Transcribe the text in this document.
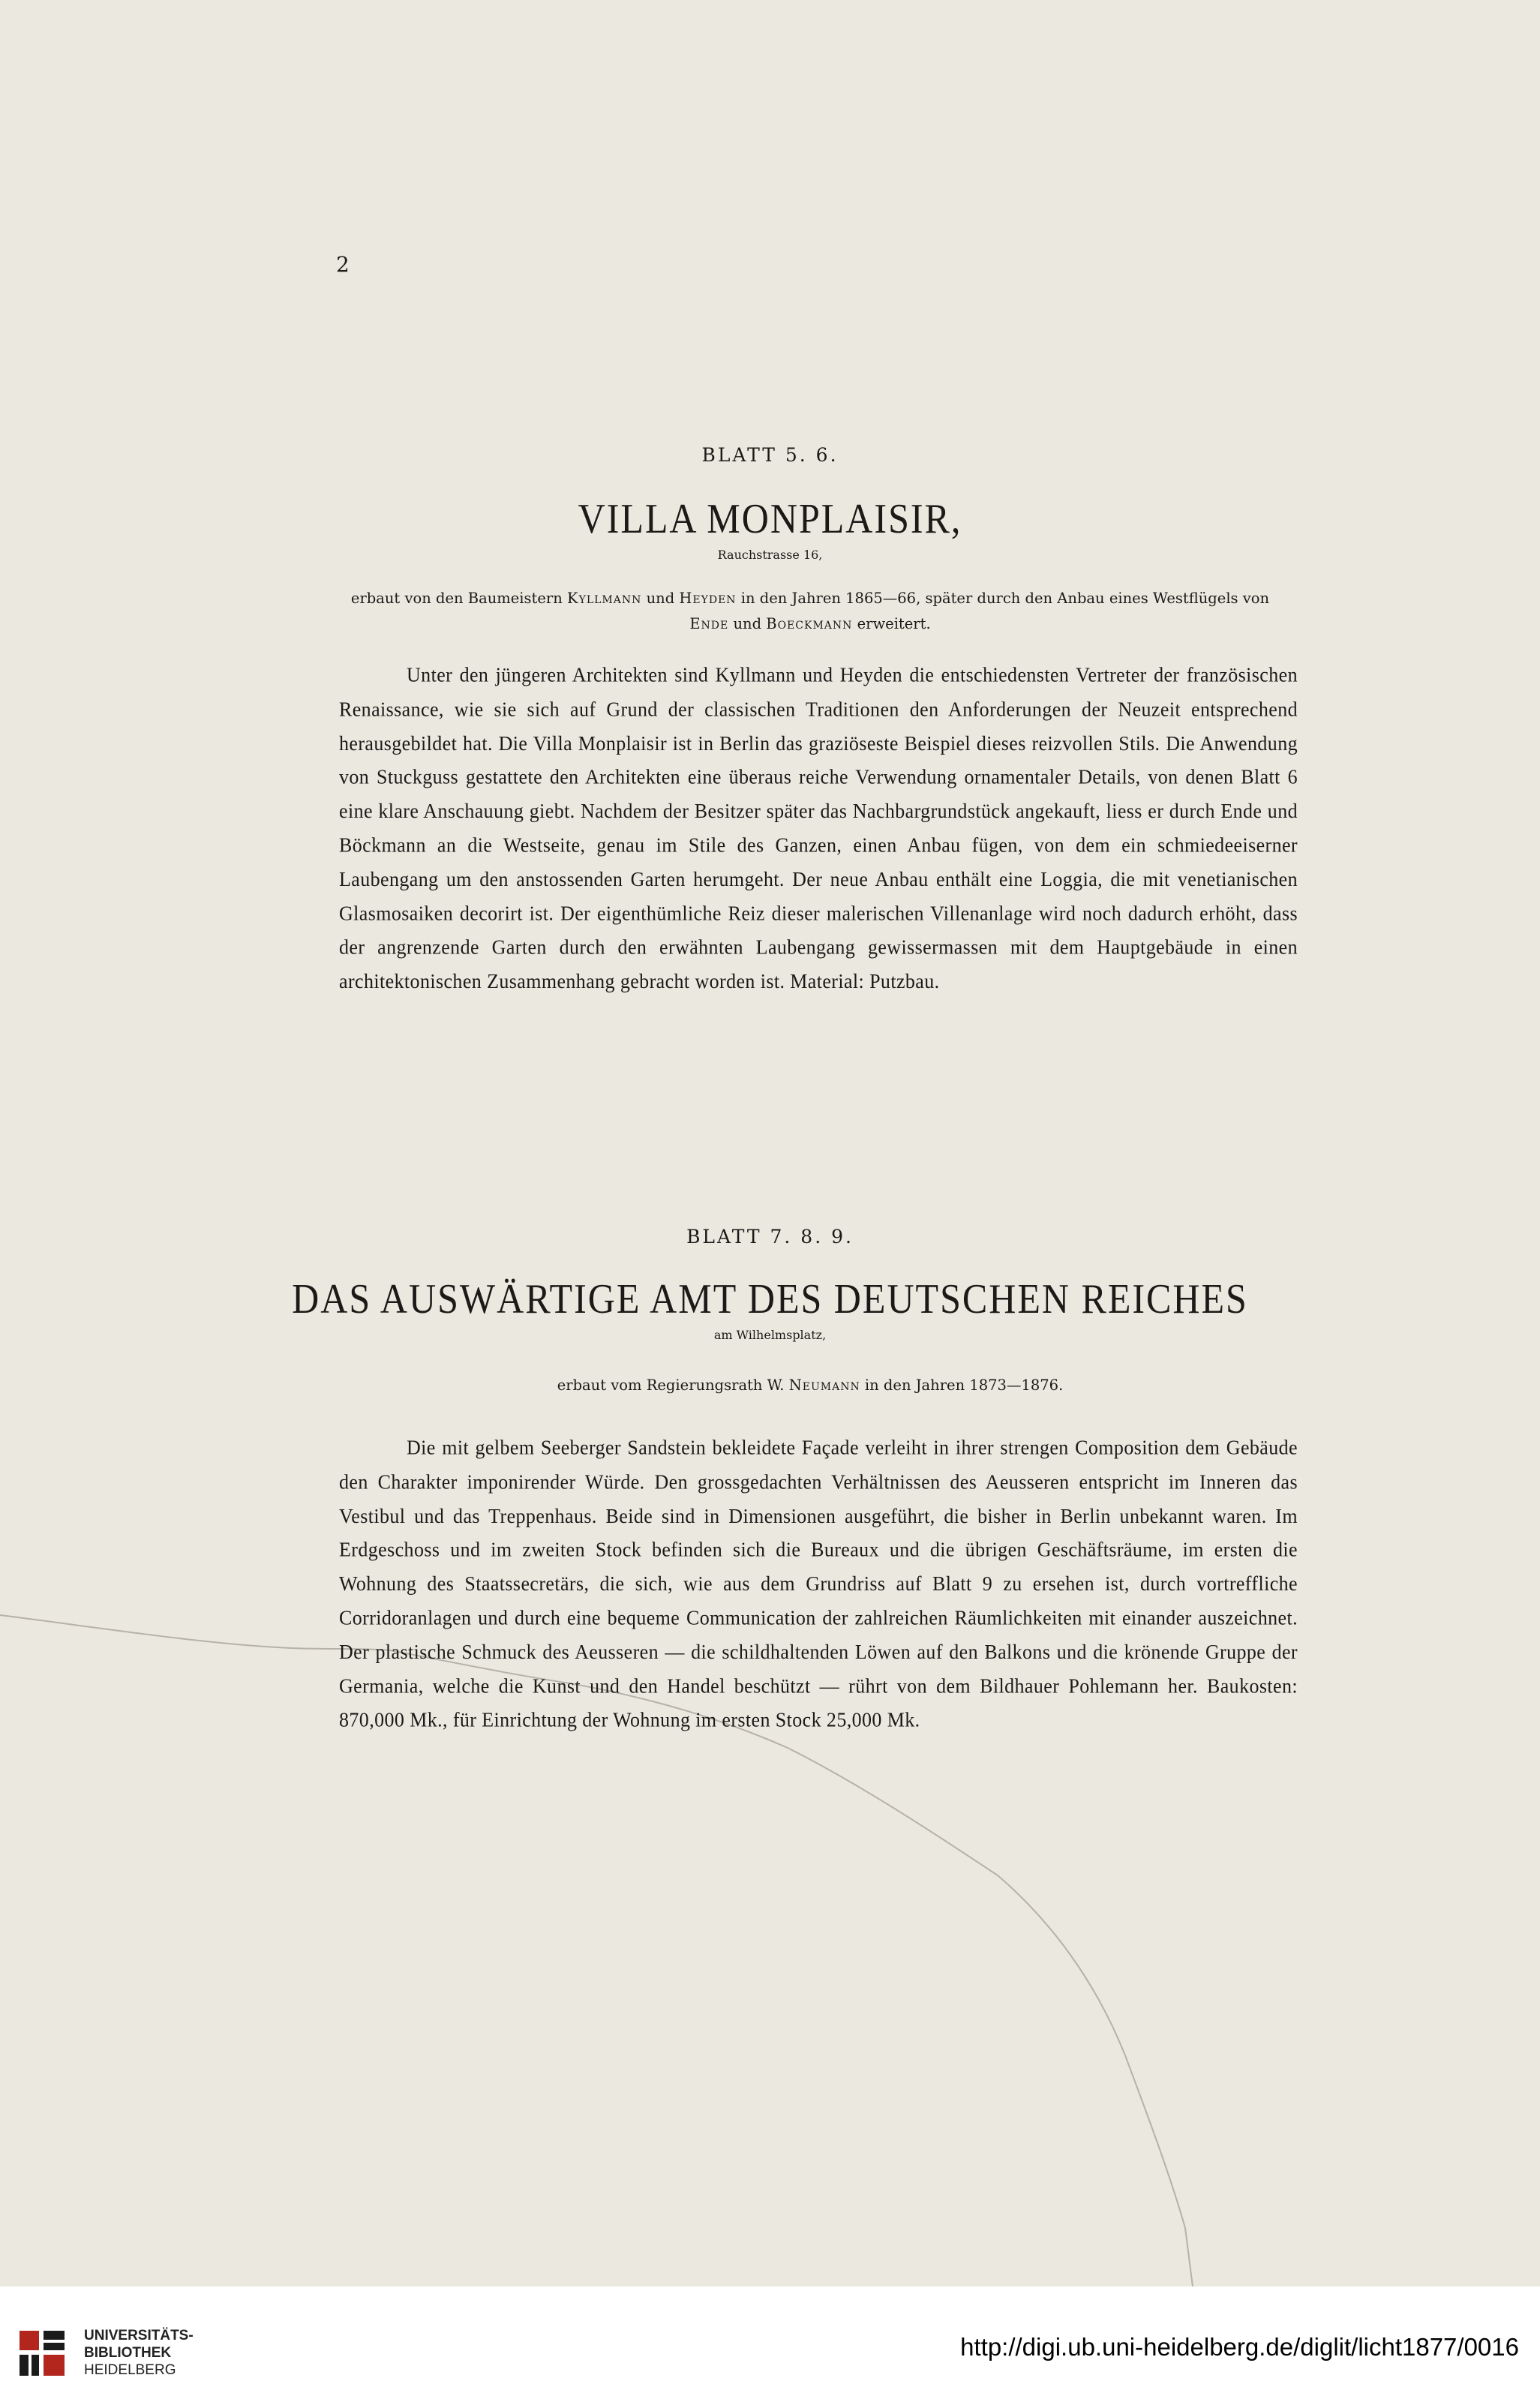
2
BLATT 5. 6.
VILLA MONPLAISIR,
Rauchstrasse 16,
erbaut von den Baumeistern Kyllmann und Heyden in den Jahren 1865—66, später durch den Anbau eines Westflügels von
Ende und Boeckmann erweitert.
Unter den jüngeren Architekten sind Kyllmann und Heyden die entschiedensten Vertreter der französischen Renaissance, wie sie sich auf Grund der classischen Traditionen den Anforderungen der Neuzeit entsprechend herausgebildet hat. Die Villa Monplaisir ist in Berlin das graziöseste Beispiel dieses reizvollen Stils. Die Anwendung von Stuckguss gestattete den Architekten eine überaus reiche Verwendung ornamentaler Details, von denen Blatt 6 eine klare Anschauung giebt. Nachdem der Besitzer später das Nachbargrundstück angekauft, liess er durch Ende und Böckmann an die Westseite, genau im Stile des Ganzen, einen Anbau fügen, von dem ein schmiedeeiserner Laubengang um den anstossenden Garten herumgeht. Der neue Anbau enthält eine Loggia, die mit venetianischen Glasmosaiken decorirt ist. Der eigenthümliche Reiz dieser malerischen Villenanlage wird noch dadurch erhöht, dass der angrenzende Garten durch den erwähnten Laubengang gewissermassen mit dem Hauptgebäude in einen architektonischen Zusammenhang gebracht worden ist. Material: Putzbau.
BLATT 7. 8. 9.
DAS AUSWÄRTIGE AMT DES DEUTSCHEN REICHES
am Wilhelmsplatz,
erbaut vom Regierungsrath W. Neumann in den Jahren 1873—1876.
Die mit gelbem Seeberger Sandstein bekleidete Façade verleiht in ihrer strengen Composition dem Gebäude den Charakter imponirender Würde. Den grossgedachten Verhältnissen des Aeusseren entspricht im Inneren das Vestibul und das Treppenhaus. Beide sind in Dimensionen ausgeführt, die bisher in Berlin unbekannt waren. Im Erdgeschoss und im zweiten Stock befinden sich die Bureaux und die übrigen Geschäftsräume, im ersten die Wohnung des Staatssecretärs, die sich, wie aus dem Grundriss auf Blatt 9 zu ersehen ist, durch vortreffliche Corridoranlagen und durch eine bequeme Communication der zahlreichen Räumlichkeiten mit einander auszeichnet. Der plastische Schmuck des Aeusseren — die schildhaltenden Löwen auf den Balkons und die krönende Gruppe der Germania, welche die Kunst und den Handel beschützt — rührt von dem Bildhauer Pohlemann her. Baukosten: 870,000 Mk., für Einrichtung der Wohnung im ersten Stock 25,000 Mk.
UNIVERSITÄTS-
BIBLIOTHEK
HEIDELBERG
http://digi.ub.uni-heidelberg.de/diglit/licht1877/0016
